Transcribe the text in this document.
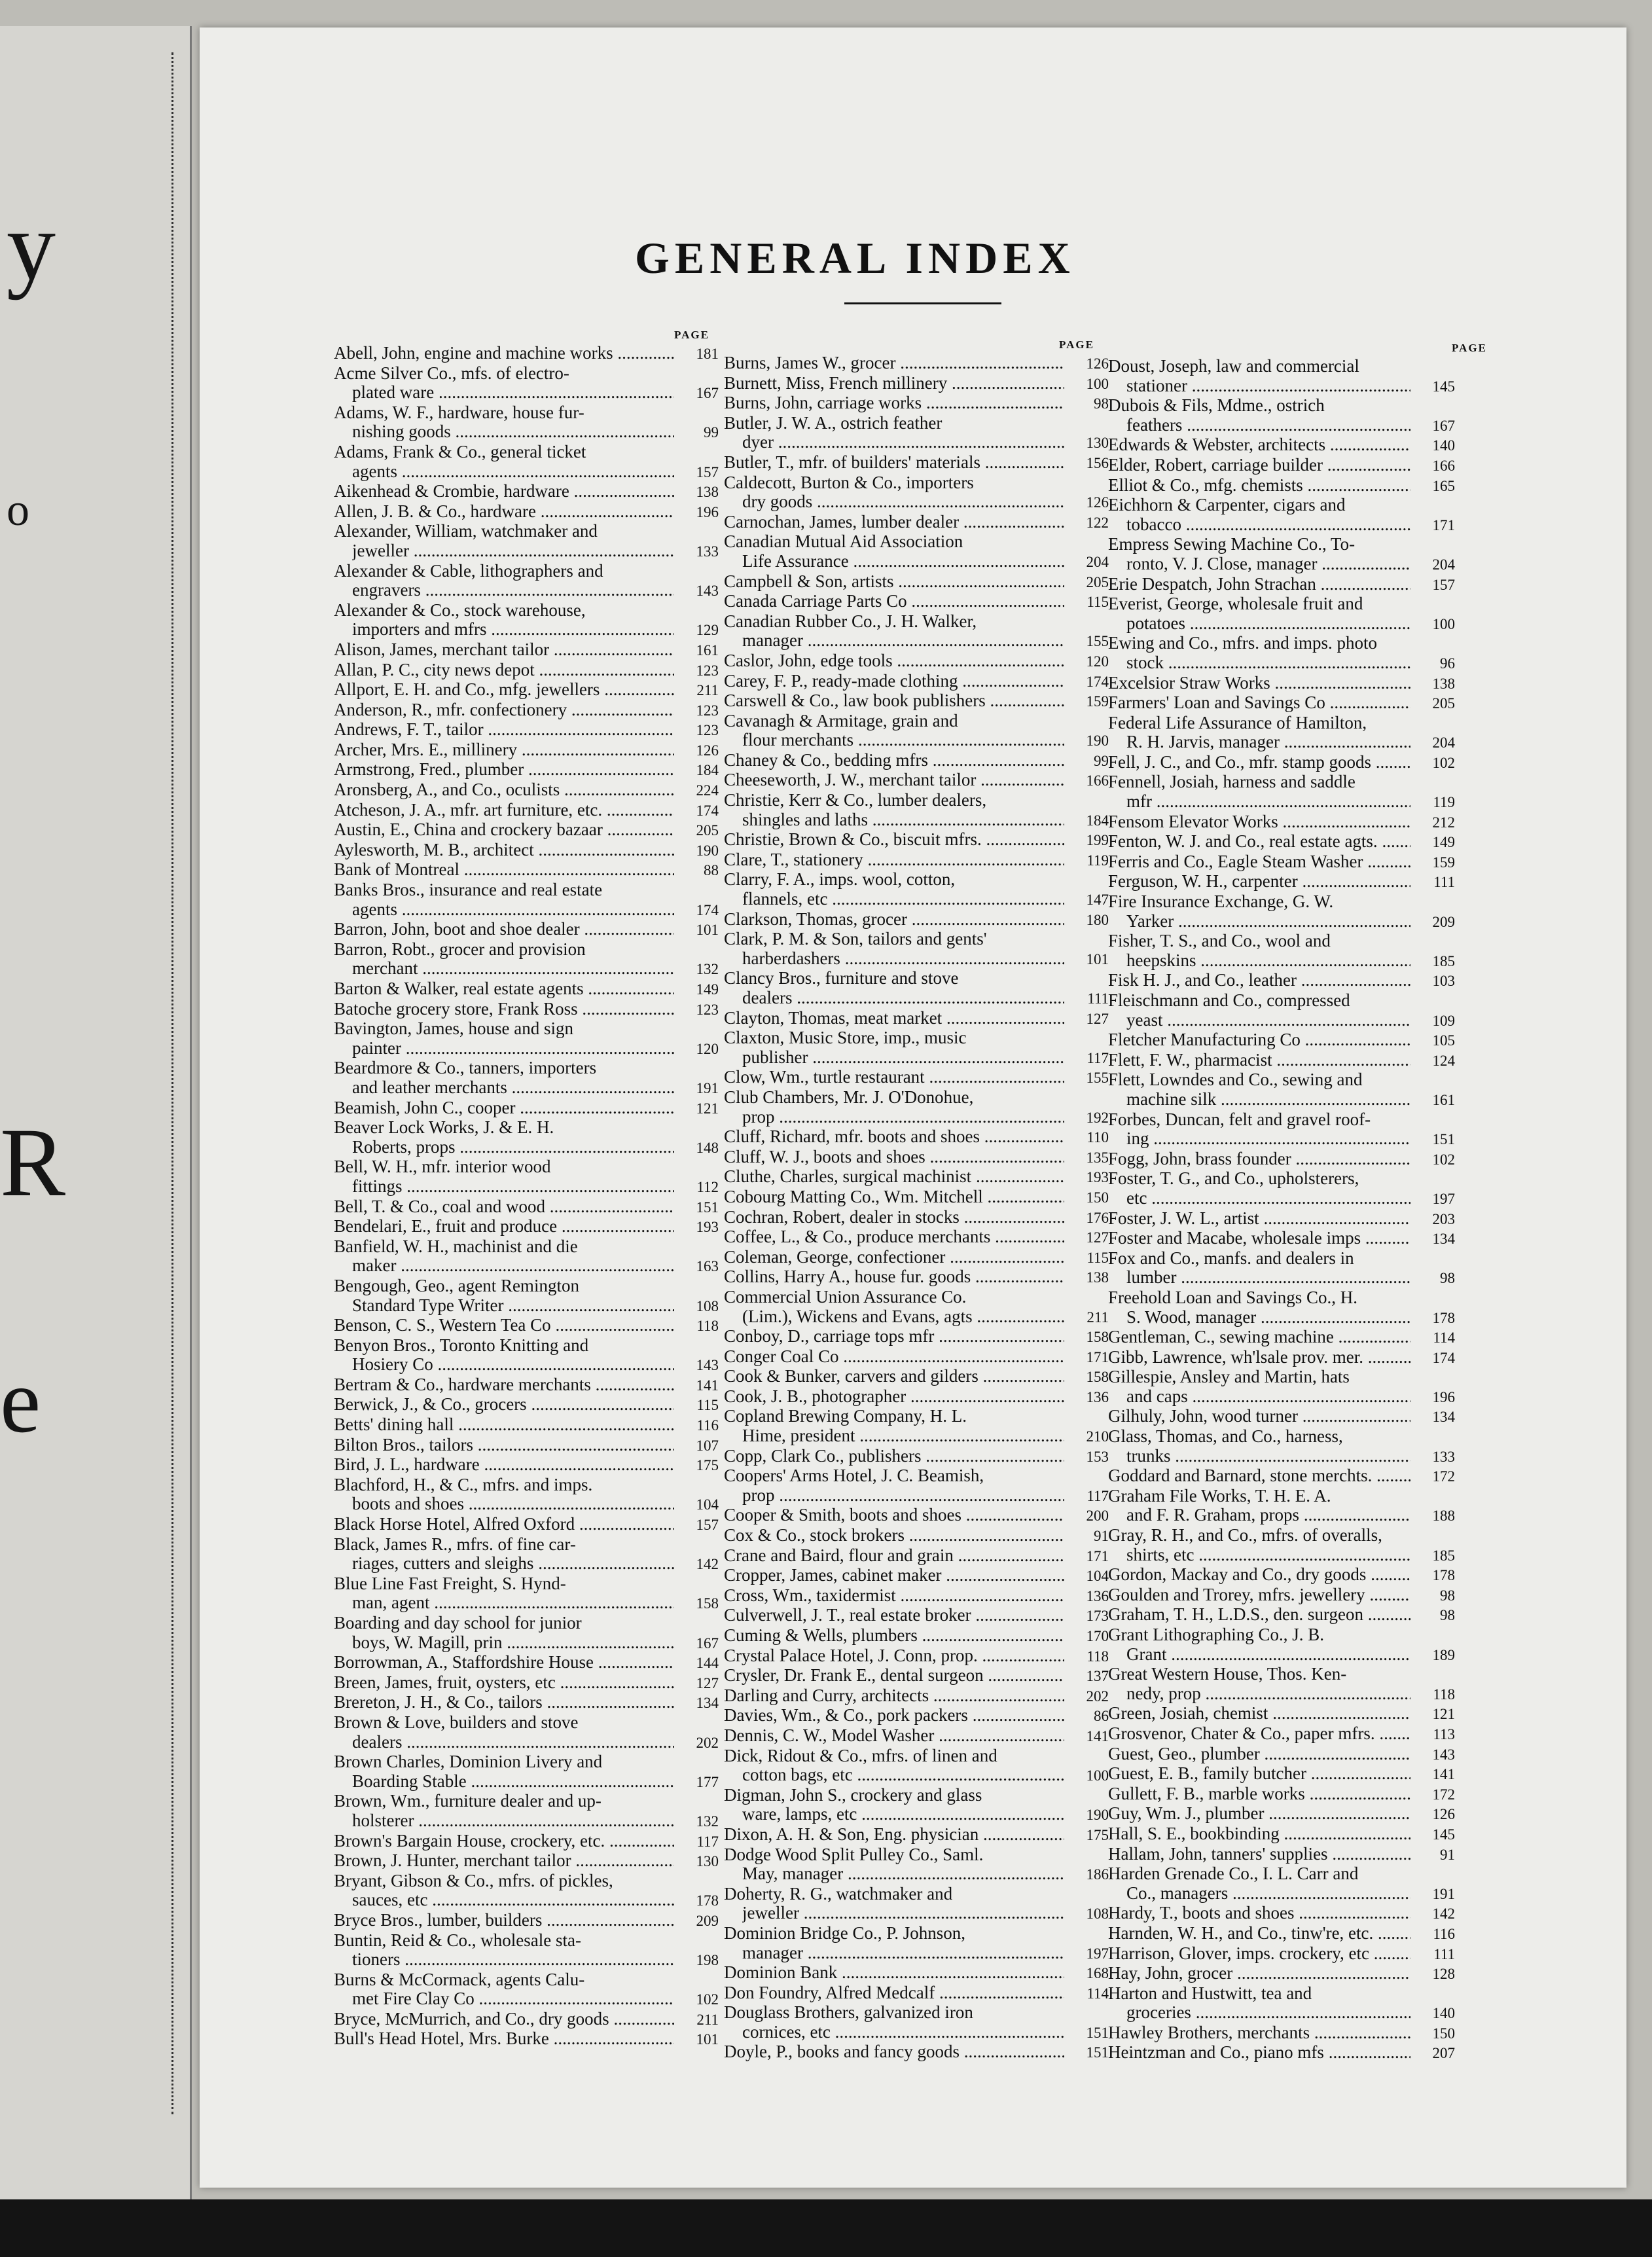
y
o
R
e
GENERAL INDEX
PAGE
Abell, John, engine and machine works .....	181
Acme Silver Co., mfs. of electro-
plated ware .....	167
Adams, W. F., hardware, house fur-
nishing goods .....	99
Adams, Frank & Co., general ticket
agents .....	157
Aikenhead & Crombie, hardware .....	138
Allen, J. B. & Co., hardware .....	196
Alexander, William, watchmaker and
jeweller .....	133
Alexander & Cable, lithographers and
engravers .....	143
Alexander & Co., stock warehouse,
importers and mfrs .....	129
Alison, James, merchant tailor .....	161
Allan, P. C., city news depot .....	123
Allport, E. H. and Co., mfg. jewellers .....	211
Anderson, R., mfr. confectionery .....	123
Andrews, F. T., tailor .....	123
Archer, Mrs. E., millinery .....	126
Armstrong, Fred., plumber .....	184
Aronsberg, A., and Co., oculists .....	224
Atcheson, J. A., mfr. art furniture, etc. .....	174
Austin, E., China and crockery bazaar .....	205
Aylesworth, M. B., architect .....	190
Bank of Montreal .....	88
Banks Bros., insurance and real estate
agents .....	174
Barron, John, boot and shoe dealer .....	101
Barron, Robt., grocer and provision
merchant .....	132
Barton & Walker, real estate agents .....	149
Batoche grocery store, Frank Ross .....	123
Bavington, James, house and sign
painter .....	120
Beardmore & Co., tanners, importers
and leather merchants .....	191
Beamish, John C., cooper .....	121
Beaver Lock Works, J. & E. H.
Roberts, props .....	148
Bell, W. H., mfr. interior wood
fittings .....	112
Bell, T. & Co., coal and wood .....	151
Bendelari, E., fruit and produce .....	193
Banfield, W. H., machinist and die
maker .....	163
Bengough, Geo., agent Remington
Standard Type Writer .....	108
Benson, C. S., Western Tea Co .....	118
Benyon Bros., Toronto Knitting and
Hosiery Co .....	143
Bertram & Co., hardware merchants .....	141
Berwick, J., & Co., grocers .....	115
Betts' dining hall .....	116
Bilton Bros., tailors .....	107
Bird, J. L., hardware .....	175
Blachford, H., & C., mfrs. and imps.
boots and shoes .....	104
Black Horse Hotel, Alfred Oxford .....	157
Black, James R., mfrs. of fine car-
riages, cutters and sleighs .....	142
Blue Line Fast Freight, S. Hynd-
man, agent .....	158
Boarding and day school for junior
boys, W. Magill, prin .....	167
Borrowman, A., Staffordshire House .....	144
Breen, James, fruit, oysters, etc .....	127
Brereton, J. H., & Co., tailors .....	134
Brown & Love, builders and stove
dealers .....	202
Brown Charles, Dominion Livery and
Boarding Stable .....	177
Brown, Wm., furniture dealer and up-
holsterer .....	132
Brown's Bargain House, crockery, etc. .....	117
Brown, J. Hunter, merchant tailor .....	130
Bryant, Gibson & Co., mfrs. of pickles,
sauces, etc .....	178
Bryce Bros., lumber, builders .....	209
Buntin, Reid & Co., wholesale sta-
tioners .....	198
Burns & McCormack, agents Calu-
met Fire Clay Co .....	102
Bryce, McMurrich, and Co., dry goods .....	211
Bull's Head Hotel, Mrs. Burke .....	101
PAGE
Burns, James W., grocer .....	126
Burnett, Miss, French millinery .....	100
Burns, John, carriage works .....	98
Butler, J. W. A., ostrich feather
dyer .....	130
Butler, T., mfr. of builders' materials .....	156
Caldecott, Burton & Co., importers
dry goods .....	126
Carnochan, James, lumber dealer .....	122
Canadian Mutual Aid Association
Life Assurance .....	204
Campbell & Son, artists .....	205
Canada Carriage Parts Co .....	115
Canadian Rubber Co., J. H. Walker,
manager .....	155
Caslor, John, edge tools .....	120
Carey, F. P., ready-made clothing .....	174
Carswell & Co., law book publishers .....	159
Cavanagh & Armitage, grain and
flour merchants .....	190
Chaney & Co., bedding mfrs .....	99
Cheeseworth, J. W., merchant tailor .....	166
Christie, Kerr & Co., lumber dealers,
shingles and laths .....	184
Christie, Brown & Co., biscuit mfrs. .....	199
Clare, T., stationery .....	119
Clarry, F. A., imps. wool, cotton,
flannels, etc .....	147
Clarkson, Thomas, grocer .....	180
Clark, P. M. & Son, tailors and gents'
harberdashers .....	101
Clancy Bros., furniture and stove
dealers .....	111
Clayton, Thomas, meat market .....	127
Claxton, Music Store, imp., music
publisher .....	117
Clow, Wm., turtle restaurant .....	155
Club Chambers, Mr. J. O'Donohue,
prop .....	192
Cluff, Richard, mfr. boots and shoes .....	110
Cluff, W. J., boots and shoes .....	135
Cluthe, Charles, surgical machinist .....	193
Cobourg Matting Co., Wm. Mitchell .....	150
Cochran, Robert, dealer in stocks .....	176
Coffee, L., & Co., produce merchants .....	127
Coleman, George, confectioner .....	115
Collins, Harry A., house fur. goods .....	138
Commercial Union Assurance Co.
(Lim.), Wickens and Evans, agts .....	211
Conboy, D., carriage tops mfr .....	158
Conger Coal Co .....	171
Cook & Bunker, carvers and gilders .....	158
Cook, J. B., photographer .....	136
Copland Brewing Company, H. L.
Hime, president .....	210
Copp, Clark Co., publishers .....	153
Coopers' Arms Hotel, J. C. Beamish,
prop .....	117
Cooper & Smith, boots and shoes .....	200
Cox & Co., stock brokers .....	91
Crane and Baird, flour and grain .....	171
Cropper, James, cabinet maker .....	104
Cross, Wm., taxidermist .....	136
Culverwell, J. T., real estate broker .....	173
Cuming & Wells, plumbers .....	170
Crystal Palace Hotel, J. Conn, prop. .....	118
Crysler, Dr. Frank E., dental surgeon .....	137
Darling and Curry, architects .....	202
Davies, Wm., & Co., pork packers .....	86
Dennis, C. W., Model Washer .....	141
Dick, Ridout & Co., mfrs. of linen and
cotton bags, etc .....	100
Digman, John S., crockery and glass
ware, lamps, etc .....	190
Dixon, A. H. & Son, Eng. physician .....	175
Dodge Wood Split Pulley Co., Saml.
May, manager .....	186
Doherty, R. G., watchmaker and
jeweller .....	108
Dominion Bridge Co., P. Johnson,
manager .....	197
Dominion Bank .....	168
Don Foundry, Alfred Medcalf .....	114
Douglass Brothers, galvanized iron
cornices, etc .....	151
Doyle, P., books and fancy goods .....	151
PAGE
Doust, Joseph, law and commercial
stationer .....	145
Dubois & Fils, Mdme., ostrich
feathers .....	167
Edwards & Webster, architects .....	140
Elder, Robert, carriage builder .....	166
Elliot & Co., mfg. chemists .....	165
Eichhorn & Carpenter, cigars and
tobacco .....	171
Empress Sewing Machine Co., To-
ronto, V. J. Close, manager .....	204
Erie Despatch, John Strachan .....	157
Everist, George, wholesale fruit and
potatoes .....	100
Ewing and Co., mfrs. and imps. photo
stock .....	96
Excelsior Straw Works .....	138
Farmers' Loan and Savings Co .....	205
Federal Life Assurance of Hamilton,
R. H. Jarvis, manager .....	204
Fell, J. C., and Co., mfr. stamp goods .....	102
Fennell, Josiah, harness and saddle
mfr .....	119
Fensom Elevator Works .....	212
Fenton, W. J. and Co., real estate agts. .....	149
Ferris and Co., Eagle Steam Washer .....	159
Ferguson, W. H., carpenter .....	111
Fire Insurance Exchange, G. W.
Yarker .....	209
Fisher, T. S., and Co., wool and
heepskins .....	185
Fisk H. J., and Co., leather .....	103
Fleischmann and Co., compressed
yeast .....	109
Fletcher Manufacturing Co .....	105
Flett, F. W., pharmacist .....	124
Flett, Lowndes and Co., sewing and
machine silk .....	161
Forbes, Duncan, felt and gravel roof-
ing .....	151
Fogg, John, brass founder .....	102
Foster, T. G., and Co., upholsterers,
etc .....	197
Foster, J. W. L., artist .....	203
Foster and Macabe, wholesale imps .....	134
Fox and Co., manfs. and dealers in
lumber .....	98
Freehold Loan and Savings Co., H.
S. Wood, manager .....	178
Gentleman, C., sewing machine .....	114
Gibb, Lawrence, wh'lsale prov. mer. .....	174
Gillespie, Ansley and Martin, hats
and caps .....	196
Gilhuly, John, wood turner .....	134
Glass, Thomas, and Co., harness,
trunks .....	133
Goddard and Barnard, stone merchts. .....	172
Graham File Works, T. H. E. A.
and F. R. Graham, props .....	188
Gray, R. H., and Co., mfrs. of overalls,
shirts, etc .....	185
Gordon, Mackay and Co., dry goods .....	178
Goulden and Trorey, mfrs. jewellery .....	98
Graham, T. H., L.D.S., den. surgeon .....	98
Grant Lithographing Co., J. B.
Grant .....	189
Great Western House, Thos. Ken-
nedy, prop .....	118
Green, Josiah, chemist .....	121
Grosvenor, Chater & Co., paper mfrs. .....	113
Guest, Geo., plumber .....	143
Guest, E. B., family butcher .....	141
Gullett, F. B., marble works .....	172
Guy, Wm. J., plumber .....	126
Hall, S. E., bookbinding .....	145
Hallam, John, tanners' supplies .....	91
Harden Grenade Co., I. L. Carr and
Co., managers .....	191
Hardy, T., boots and shoes .....	142
Harnden, W. H., and Co., tinw're, etc. .....	116
Harrison, Glover, imps. crockery, etc .....	111
Hay, John, grocer .....	128
Harton and Hustwitt, tea and
groceries .....	140
Hawley Brothers, merchants .....	150
Heintzman and Co., piano mfs .....	207
